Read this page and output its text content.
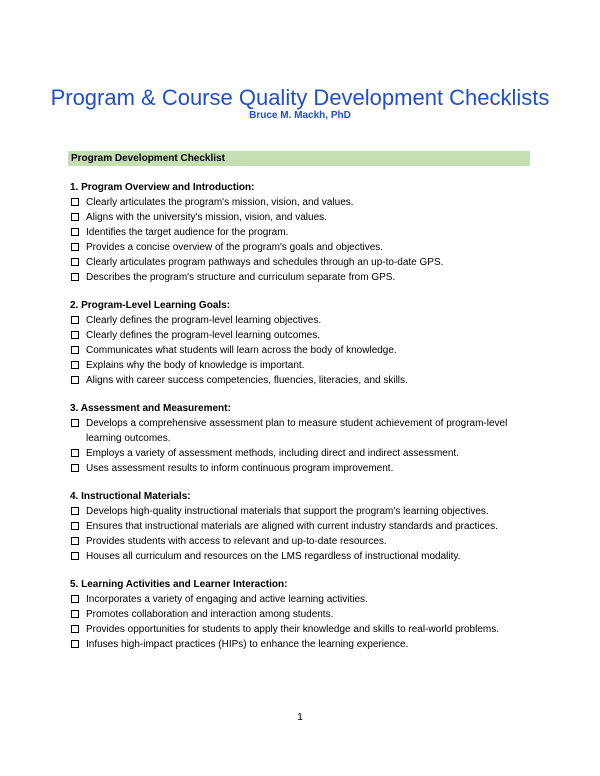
Program & Course Quality Development Checklists
Bruce M. Mackh, PhD
Program Development Checklist
1. Program Overview and Introduction:
Clearly articulates the program's mission, vision, and values.
Aligns with the university's mission, vision, and values.
Identifies the target audience for the program.
Provides a concise overview of the program's goals and objectives.
Clearly articulates program pathways and schedules through an up-to-date GPS.
Describes the program's structure and curriculum separate from GPS.
2. Program-Level Learning Goals:
Clearly defines the program-level learning objectives.
Clearly defines the program-level learning outcomes.
Communicates what students will learn across the body of knowledge.
Explains why the body of knowledge is important.
Aligns with career success competencies, fluencies, literacies, and skills.
3. Assessment and Measurement:
Develops a comprehensive assessment plan to measure student achievement of program-level learning outcomes.
Employs a variety of assessment methods, including direct and indirect assessment.
Uses assessment results to inform continuous program improvement.
4. Instructional Materials:
Develops high-quality instructional materials that support the program's learning objectives.
Ensures that instructional materials are aligned with current industry standards and practices.
Provides students with access to relevant and up-to-date resources.
Houses all curriculum and resources on the LMS regardless of instructional modality.
5. Learning Activities and Learner Interaction:
Incorporates a variety of engaging and active learning activities.
Promotes collaboration and interaction among students.
Provides opportunities for students to apply their knowledge and skills to real-world problems.
Infuses high-impact practices (HIPs) to enhance the learning experience.
1
